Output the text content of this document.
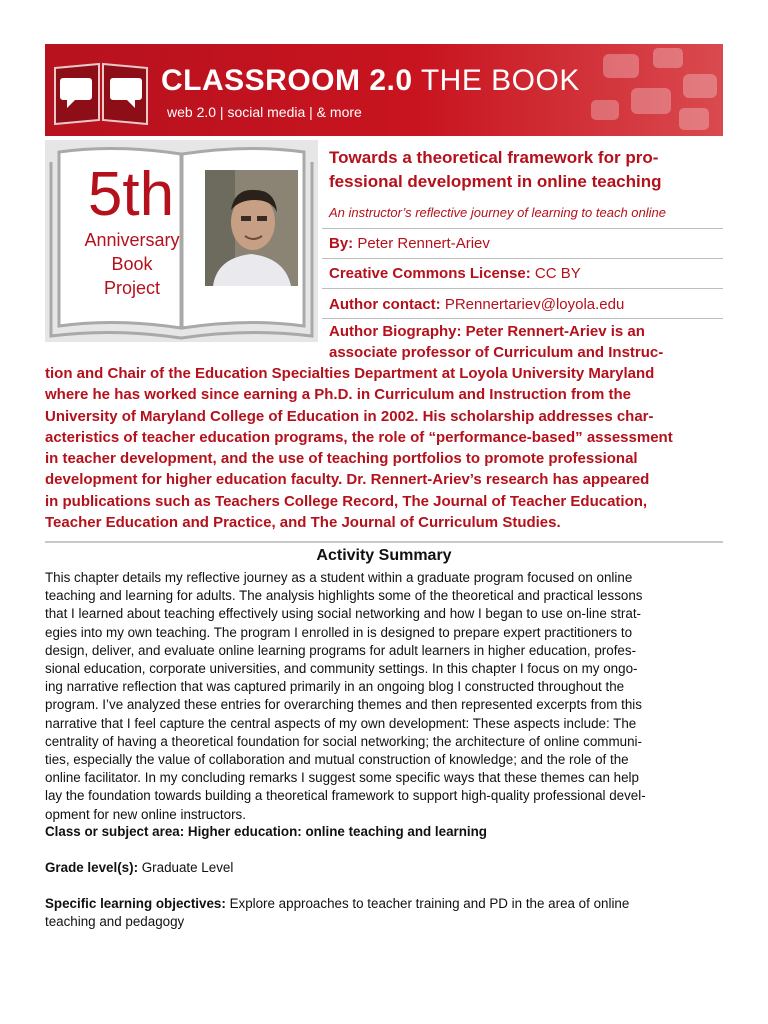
CLASSROOM 2.0 THE BOOK
web 2.0 | social media | & more
5th
Anniversary
Book
Project
Towards a theoretical framework for pro-
fessional development in online teaching
An instructor’s reflective journey of learning to teach online
By: Peter Rennert-Ariev
Creative Commons License: CC BY
Author contact: PRennertariev@loyola.edu
Author Biography: Peter Rennert-Ariev is an
associate professor of Curriculum and Instruc-
tion and Chair of the Education Specialties Department at Loyola University Maryland
where he has worked since earning a Ph.D. in Curriculum and Instruction from the
University of Maryland College of Education in 2002. His scholarship addresses char-
acteristics of teacher education programs, the role of “performance-based” assessment
in teacher development, and the use of teaching portfolios to promote professional
development for higher education faculty. Dr. Rennert-Ariev’s research has appeared
in publications such as Teachers College Record, The Journal of Teacher Education,
Teacher Education and Practice, and The Journal of Curriculum Studies.
Activity Summary
This chapter details my reflective journey as a student within a graduate program focused on online
teaching and learning for adults. The analysis highlights some of the theoretical and practical lessons
that I learned about teaching effectively using social networking and how I began to use on-line strat-
egies into my own teaching. The program I enrolled in is designed to prepare expert practitioners to
design, deliver, and evaluate online learning programs for adult learners in higher education, profes-
sional education, corporate universities, and community settings. In this chapter I focus on my ongo-
ing narrative reflection that was captured primarily in an ongoing blog I constructed throughout the
program. I’ve analyzed these entries for overarching themes and then represented excerpts from this
narrative that I feel capture the central aspects of my own development: These aspects include: The
centrality of having a theoretical foundation for social networking; the architecture of online communi-
ties, especially the value of collaboration and mutual construction of knowledge; and the role of the
online facilitator. In my concluding remarks I suggest some specific ways that these themes can help
lay the foundation towards building a theoretical framework to support high-quality professional devel-
opment for new online instructors.
Class or subject area: Higher education: online teaching and learning
Grade level(s): Graduate Level
Specific learning objectives: Explore approaches to teacher training and PD in the area of online
teaching and pedagogy
